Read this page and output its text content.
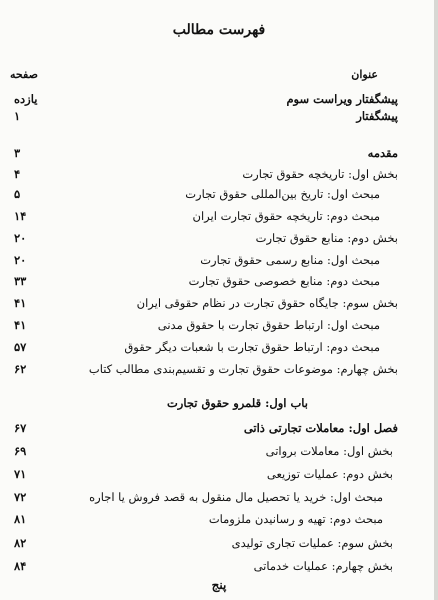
فهرست مطالب
عنوان
صفحه
پیشگفتار ویراست سوم
یازده
پیشگفتار
۱
مقدمه
۳
بخش اول: تاریخچه حقوق تجارت
۴
مبحث اول: تاریخ بین‌المللی حقوق تجارت
۵
مبحث دوم: تاریخچه حقوق تجارت ایران
۱۴
بخش دوم: منابع حقوق تجارت
۲۰
مبحث اول: منابع رسمی حقوق تجارت
۲۰
مبحث دوم: منابع خصوصی حقوق تجارت
۳۳
بخش سوم: جایگاه حقوق تجارت در نظام حقوقی ایران
۴۱
مبحث اول: ارتباط حقوق تجارت با حقوق مدنی
۴۱
مبحث دوم: ارتباط حقوق تجارت با شعبات دیگر حقوق
۵۷
بخش چهارم: موضوعات حقوق تجارت و تقسیم‌بندی مطالب کتاب
۶۲
باب اول: قلمرو حقوق تجارت
فصل اول: معاملات تجارتی ذاتی
۶۷
بخش اول: معاملات برواتی
۶۹
بخش دوم: عملیات توزیعی
۷۱
مبحث اول: خرید یا تحصیل مال منقول به قصد فروش یا اجاره
۷۲
مبحث دوم: تهیه و رسانیدن ملزومات
۸۱
بخش سوم: عملیات تجاری تولیدی
۸۲
بخش چهارم: عملیات خدماتی
۸۴
پنج
